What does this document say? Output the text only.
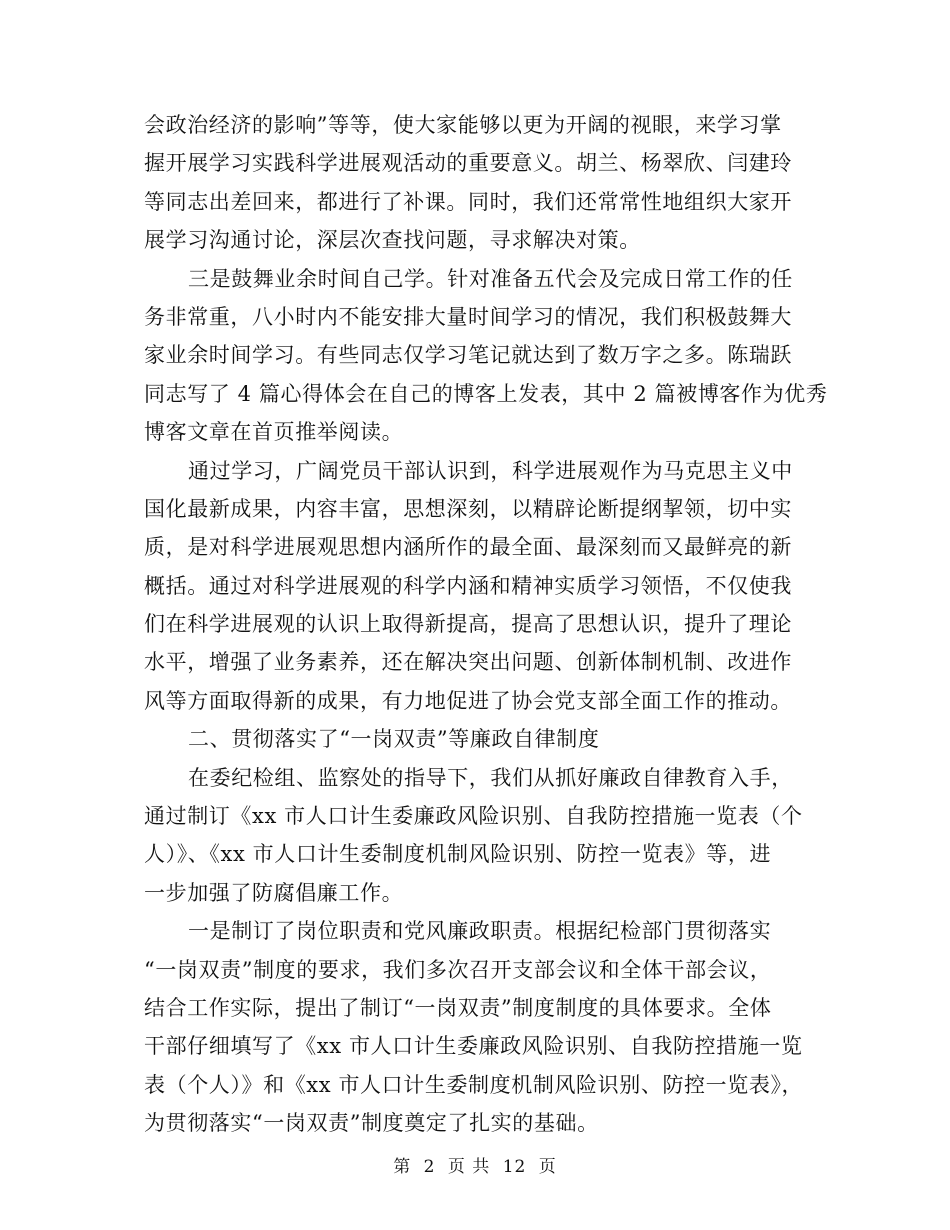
会政治经济的影响”等等，使大家能够以更为开阔的视眼，来学习掌
握开展学习实践科学进展观活动的重要意义。胡兰、杨翠欣、闫建玲
等同志出差回来，都进行了补课。同时，我们还常常性地组织大家开
展学习沟通讨论，深层次查找问题，寻求解决对策。
三是鼓舞业余时间自己学。针对准备五代会及完成日常工作的任
务非常重，八小时内不能安排大量时间学习的情况，我们积极鼓舞大
家业余时间学习。有些同志仅学习笔记就达到了数万字之多。陈瑞跃
同志写了 4 篇心得体会在自己的博客上发表，其中 2 篇被博客作为优秀
博客文章在首页推举阅读。
通过学习，广阔党员干部认识到，科学进展观作为马克思主义中
国化最新成果，内容丰富，思想深刻，以精辟论断提纲挈领，切中实
质，是对科学进展观思想内涵所作的最全面、最深刻而又最鲜亮的新
概括。通过对科学进展观的科学内涵和精神实质学习领悟，不仅使我
们在科学进展观的认识上取得新提高，提高了思想认识，提升了理论
水平，增强了业务素养，还在解决突出问题、创新体制机制、改进作
风等方面取得新的成果，有力地促进了协会党支部全面工作的推动。
二、贯彻落实了“一岗双责”等廉政自律制度
在委纪检组、监察处的指导下，我们从抓好廉政自律教育入手，
通过制订《xx 市人口计生委廉政风险识别、自我防控措施一览表（个
人）》、《xx 市人口计生委制度机制风险识别、防控一览表》等，进
一步加强了防腐倡廉工作。
一是制订了岗位职责和党风廉政职责。根据纪检部门贯彻落实
“一岗双责”制度的要求，我们多次召开支部会议和全体干部会议，
结合工作实际，提出了制订“一岗双责”制度制度的具体要求。全体
干部仔细填写了《xx 市人口计生委廉政风险识别、自我防控措施一览
表（个人）》和《xx 市人口计生委制度机制风险识别、防控一览表》，
为贯彻落实“一岗双责”制度奠定了扎实的基础。
第 2 页 共 12 页
